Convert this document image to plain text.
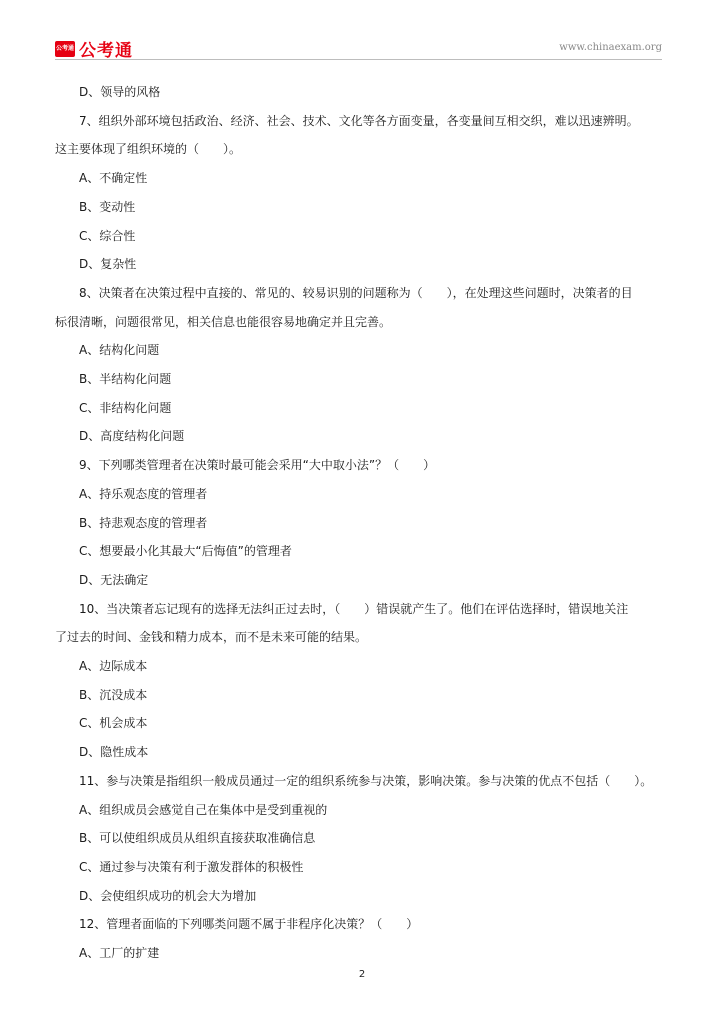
公考通 公考通	www.chinaexam.org
D、领导的风格
7、组织外部环境包括政治、经济、社会、技术、文化等各方面变量，各变量间互相交织，难以迅速辨明。
这主要体现了组织环境的（　　）。
A、不确定性
B、变动性
C、综合性
D、复杂性
8、决策者在决策过程中直接的、常见的、较易识别的问题称为（　　），在处理这些问题时，决策者的目
标很清晰，问题很常见，相关信息也能很容易地确定并且完善。
A、结构化问题
B、半结构化问题
C、非结构化问题
D、高度结构化问题
9、下列哪类管理者在决策时最可能会采用“大中取小法”？（　　）
A、持乐观态度的管理者
B、持悲观态度的管理者
C、想要最小化其最大“后悔值”的管理者
D、无法确定
10、当决策者忘记现有的选择无法纠正过去时，（　　）错误就产生了。他们在评估选择时，错误地关注
了过去的时间、金钱和精力成本，而不是未来可能的结果。
A、边际成本
B、沉没成本
C、机会成本
D、隐性成本
11、参与决策是指组织一般成员通过一定的组织系统参与决策，影响决策。参与决策的优点不包括（　　）。
A、组织成员会感觉自己在集体中是受到重视的
B、可以使组织成员从组织直接获取准确信息
C、通过参与决策有利于激发群体的积极性
D、会使组织成功的机会大为增加
12、管理者面临的下列哪类问题不属于非程序化决策？（　　）
A、工厂的扩建
2
